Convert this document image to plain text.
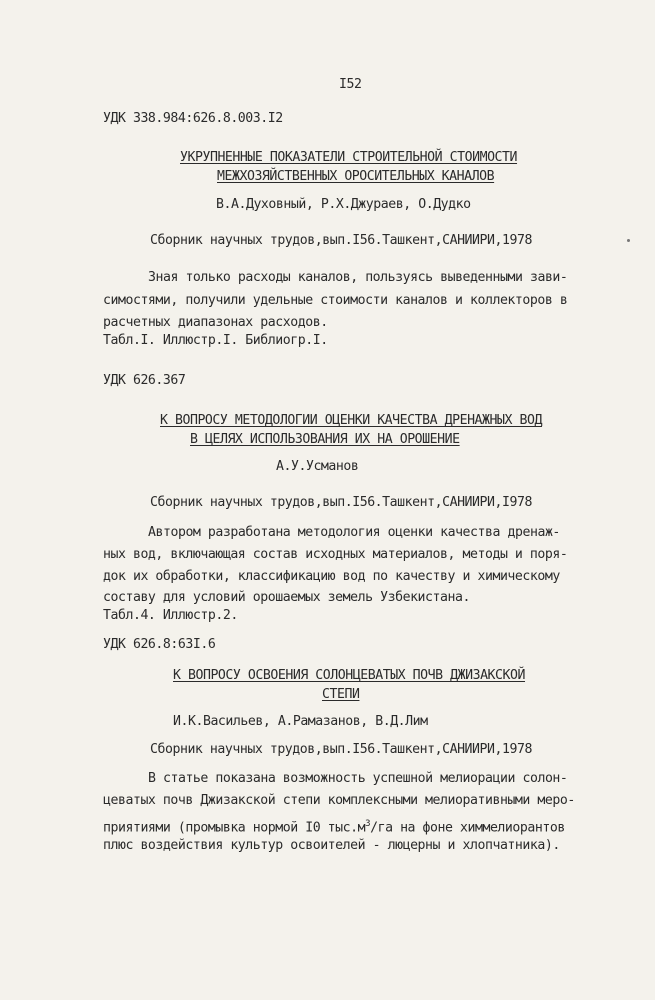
I52
УДК 338.984:626.8.003.I2
УКРУПНЕННЫЕ ПОКАЗАТЕЛИ СТРОИТЕЛЬНОЙ СТОИМОСТИ
МЕЖХОЗЯЙСТВЕННЫХ ОРОСИТЕЛЬНЫХ КАНАЛОВ
В.А.Духовный, Р.Х.Джураев, О.Дудко
Сборник научных трудов,вып.I56.Ташкент,САНИИРИ,1978
Зная только расходы каналов, пользуясь выведенными зави-
симостями, получили удельные стоимости каналов и коллекторов в
расчетных диапазонах расходов.
Табл.I. Иллюстр.I. Библиогр.I.
УДК 626.367
К ВОПРОСУ МЕТОДОЛОГИИ ОЦЕНКИ КАЧЕСТВА ДРЕНАЖНЫХ ВОД
В ЦЕЛЯХ ИСПОЛЬЗОВАНИЯ ИХ НА ОРОШЕНИЕ
А.У.Усманов
Сборник научных трудов,вып.I56.Ташкент,САНИИРИ,I978
Автором разработана методология оценки качества дренаж-
ных вод, включающая состав исходных материалов, методы и поря-
док их обработки, классификацию вод по качеству и химическому
составу для условий орошаемых земель Узбекистана.
Табл.4. Иллюстр.2.
УДК 626.8:63I.6
К ВОПРОСУ ОСВОЕНИЯ СОЛОНЦЕВАТЫХ ПОЧВ ДЖИЗАКСКОЙ
СТЕПИ
И.К.Васильев, А.Рамазанов, В.Д.Лим
Сборник научных трудов,вып.I56.Ташкент,САНИИРИ,1978
В статье показана возможность успешной мелиорации солон-
цеватых почв Джизакской степи комплексными мелиоративными меро-
приятиями (промывка нормой I0 $тыс.м^3/га$ на фоне химмелиорантов
плюс воздействия культур освоителей - люцерны и хлопчатника).
